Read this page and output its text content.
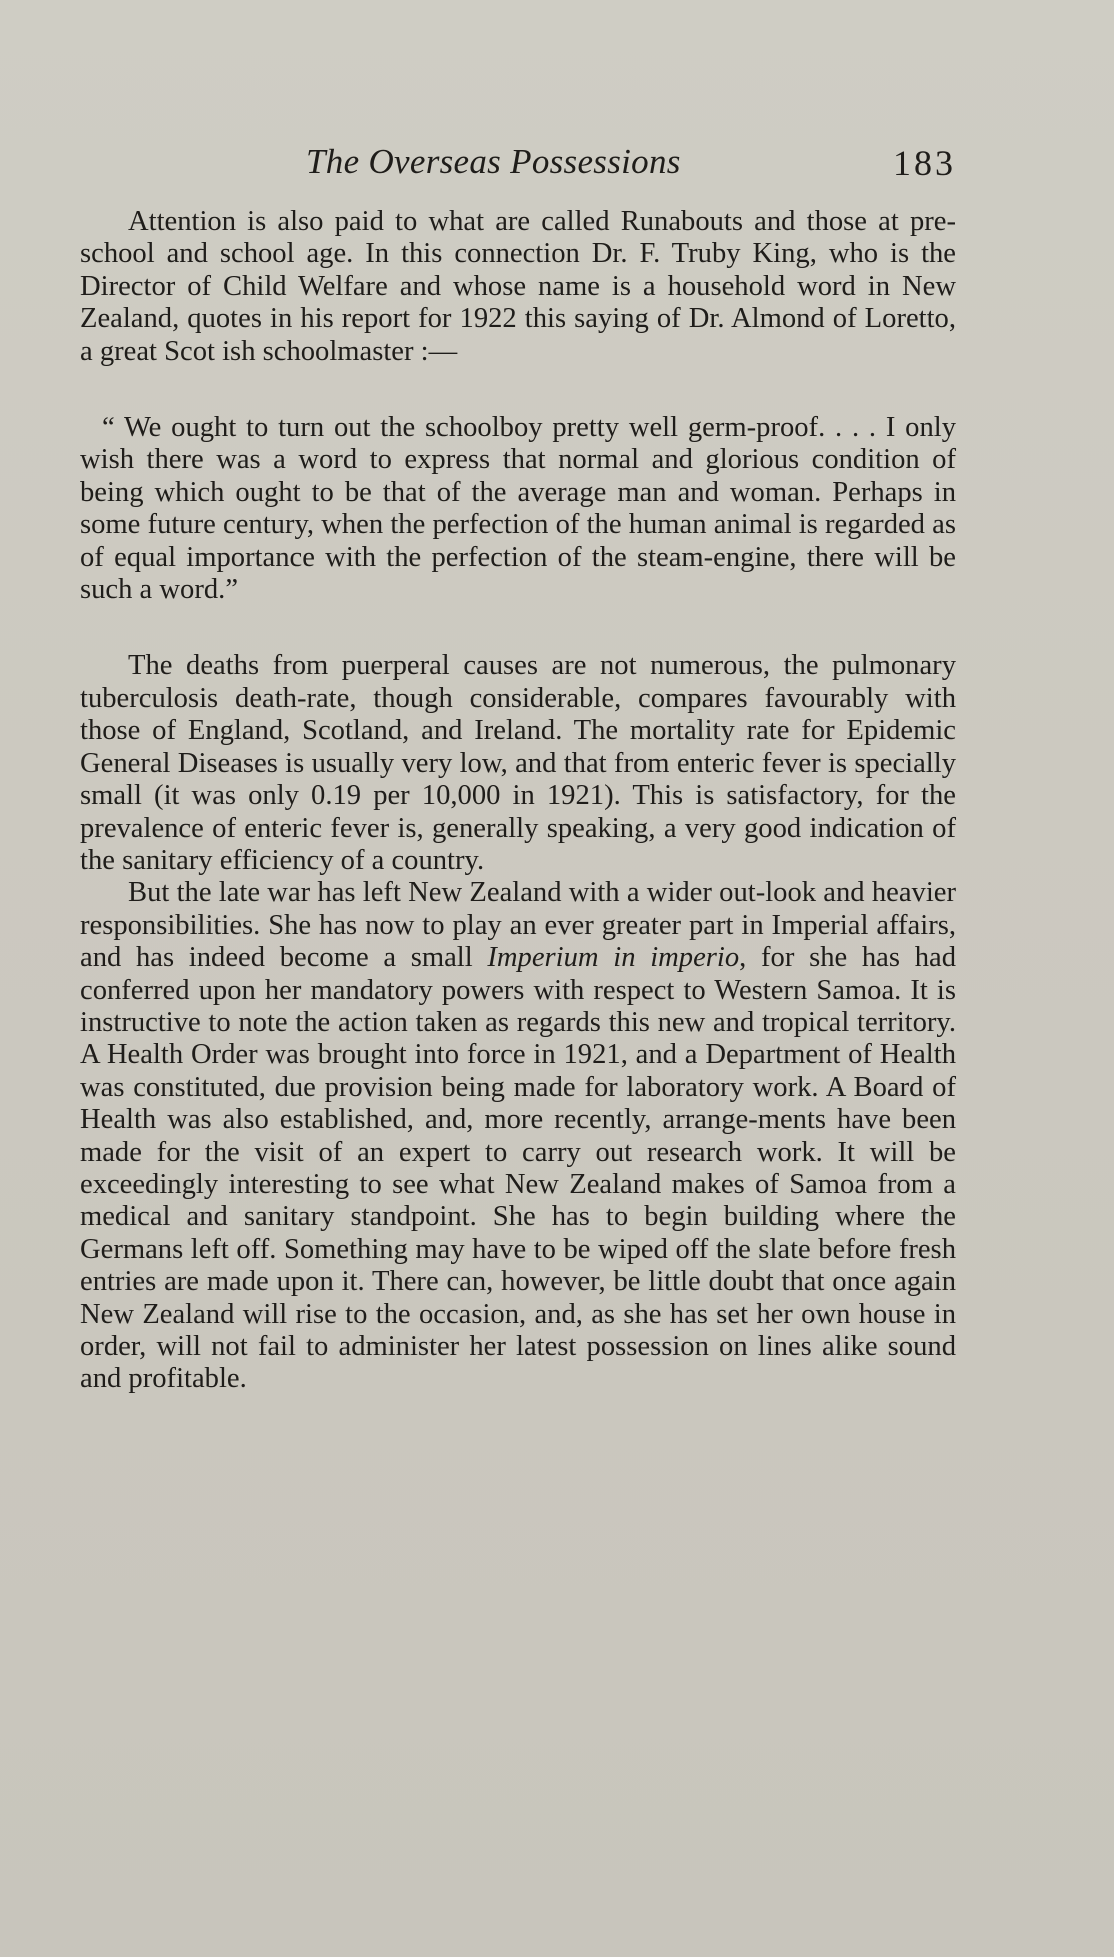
The Overseas Possessions	183

Attention is also paid to what are called Runabouts and those at pre-school and school age. In this connection Dr. F. Truby King, who is the Director of Child Welfare and whose name is a household word in New Zealand, quotes in his report for 1922 this saying of Dr. Almond of Loretto, a great Scot ish schoolmaster :—

“ We ought to turn out the schoolboy pretty well germ-proof. . . . I only wish there was a word to express that normal and glorious condition of being which ought to be that of the average man and woman. Perhaps in some future century, when the perfection of the human animal is regarded as of equal importance with the perfection of the steam-engine, there will be such a word.”

The deaths from puerperal causes are not numerous, the pulmonary tuberculosis death-rate, though considerable, compares favourably with those of England, Scotland, and Ireland. The mortality rate for Epidemic General Diseases is usually very low, and that from enteric fever is specially small (it was only 0.19 per 10,000 in 1921). This is satisfactory, for the prevalence of enteric fever is, generally speaking, a very good indication of the sanitary efficiency of a country.

But the late war has left New Zealand with a wider out-look and heavier responsibilities. She has now to play an ever greater part in Imperial affairs, and has indeed become a small Imperium in imperio, for she has had conferred upon her mandatory powers with respect to Western Samoa. It is instructive to note the action taken as regards this new and tropical territory. A Health Order was brought into force in 1921, and a Department of Health was constituted, due provision being made for laboratory work. A Board of Health was also established, and, more recently, arrange-ments have been made for the visit of an expert to carry out research work. It will be exceedingly interesting to see what New Zealand makes of Samoa from a medical and sanitary standpoint. She has to begin building where the Germans left off. Something may have to be wiped off the slate before fresh entries are made upon it. There can, however, be little doubt that once again New Zealand will rise to the occasion, and, as she has set her own house in order, will not fail to administer her latest possession on lines alike sound and profitable.
